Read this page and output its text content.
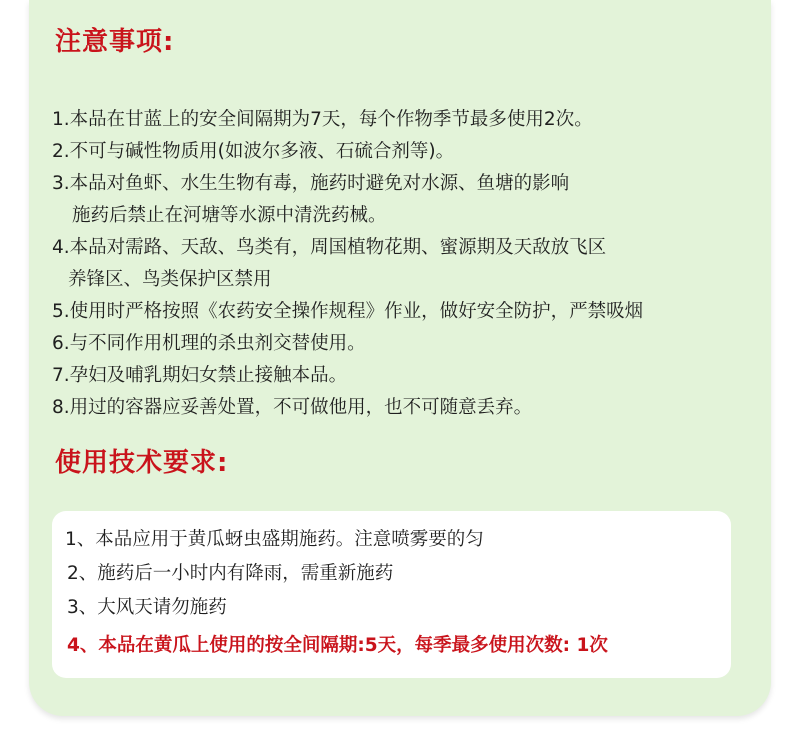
注意事项:
1.本品在甘蓝上的安全间隔期为7天，每个作物季节最多使用2次。
2.不可与碱性物质用(如波尔多液、石硫合剂等)。
3.本品对鱼虾、水生生物有毒，施药时避免对水源、鱼塘的影响
施药后禁止在河塘等水源中清洗药械。
4.本品对需路、天敌、鸟类有，周国植物花期、蜜源期及天敌放飞区
养锋区、鸟类保护区禁用
5.使用时严格按照《农药安全操作规程》作业，做好安全防护，严禁吸烟
6.与不同作用机理的杀虫剂交替使用。
7.孕妇及哺乳期妇女禁止接触本品。
8.用过的容器应妥善处置，不可做他用，也不可随意丢弃。
使用技术要求:
1、本品应用于黄瓜蚜虫盛期施药。注意喷雾要的匀
2、施药后一小时内有降雨，需重新施药
3、大风天请勿施药
4、本品在黄瓜上使用的按全间隔期:5天，每季最多使用次数: 1次
